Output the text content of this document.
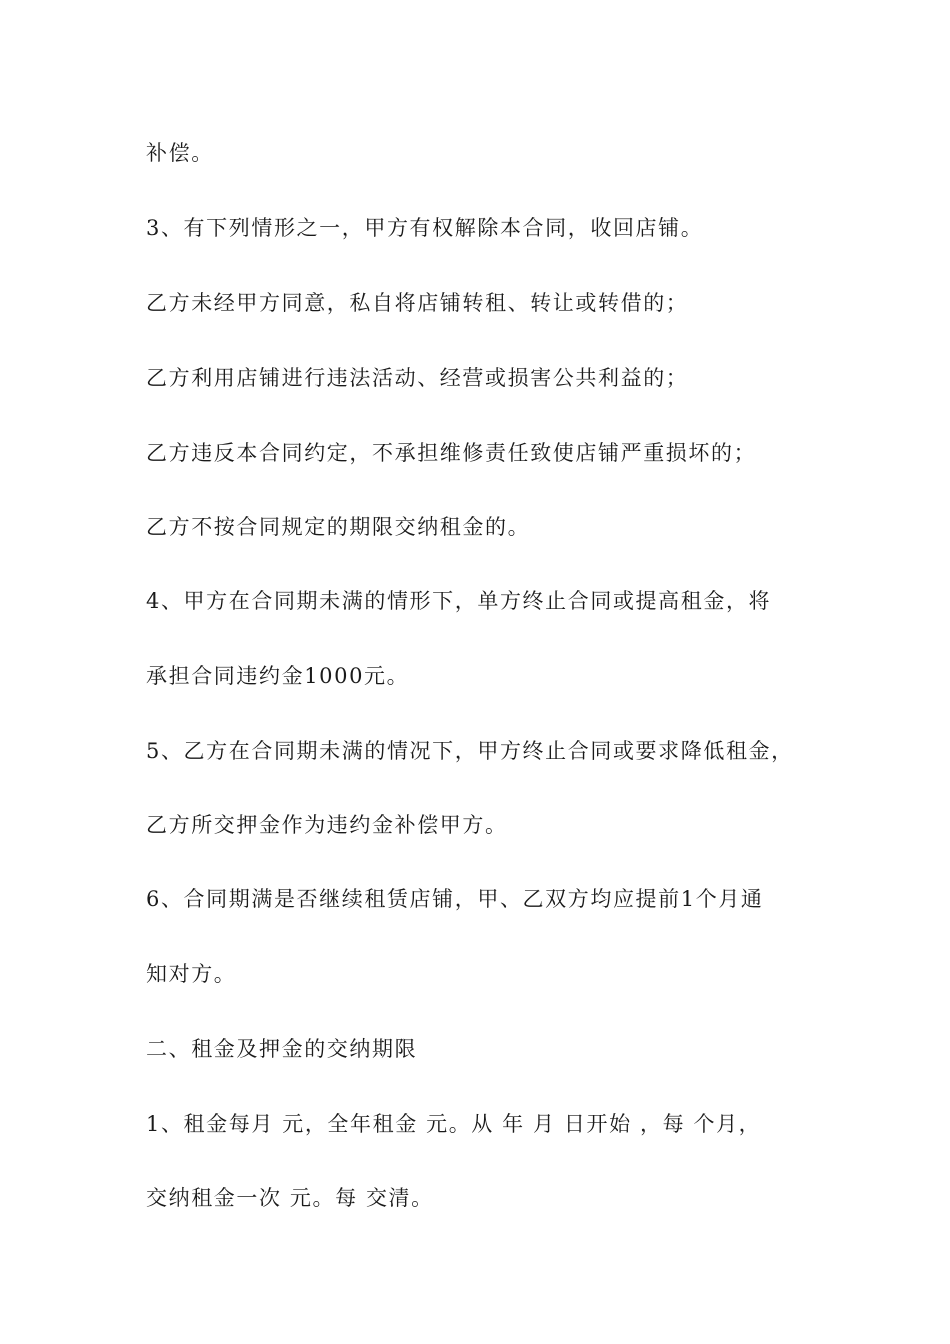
补偿。
3、有下列情形之一，甲方有权解除本合同，收回店铺。
乙方未经甲方同意，私自将店铺转租、转让或转借的；
乙方利用店铺进行违法活动、经营或损害公共利益的；
乙方违反本合同约定，不承担维修责任致使店铺严重损坏的；
乙方不按合同规定的期限交纳租金的。
4、甲方在合同期未满的情形下，单方终止合同或提高租金，将
承担合同违约金1000元。
5、乙方在合同期未满的情况下，甲方终止合同或要求降低租金，
乙方所交押金作为违约金补偿甲方。
6、合同期满是否继续租赁店铺，甲、乙双方均应提前1个月通
知对方。
二、租金及押金的交纳期限
1、租金每月 元，全年租金 元。从 年 月 日开始 ，每 个月，
交纳租金一次 元。每 交清。
